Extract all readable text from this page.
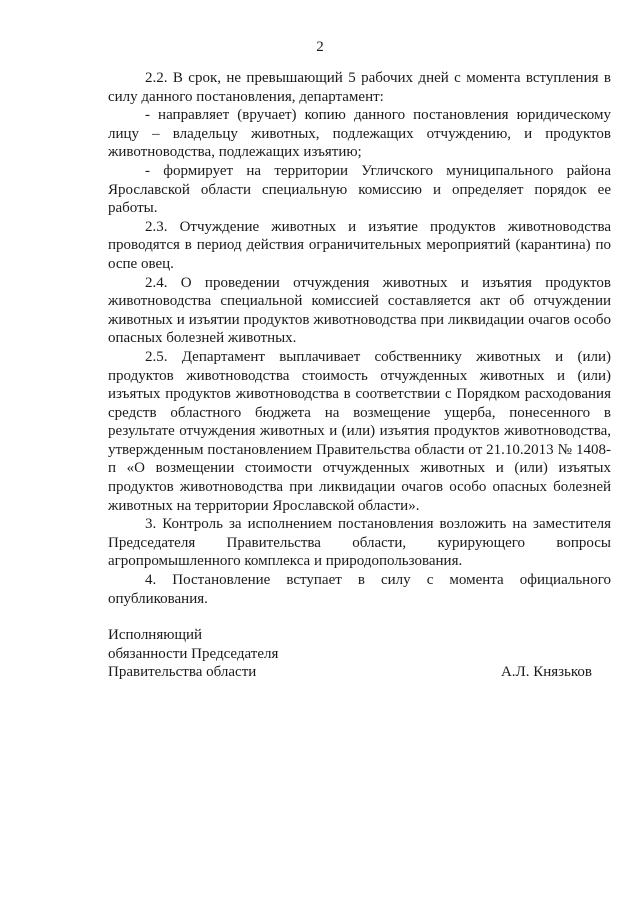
2

2.2. В срок, не превышающий 5 рабочих дней с момента вступления в силу данного постановления, департамент:

- направляет (вручает) копию данного постановления юридическому лицу – владельцу животных, подлежащих отчуждению, и продуктов животноводства, подлежащих изъятию;

- формирует на территории Угличского муниципального района Ярославской области специальную комиссию и определяет порядок ее работы.

2.3. Отчуждение животных и изъятие продуктов животноводства проводятся в период действия ограничительных мероприятий (карантина) по оспе овец.

2.4. О проведении отчуждения животных и изъятия продуктов животноводства специальной комиссией составляется акт об отчуждении животных и изъятии продуктов животноводства при ликвидации очагов особо опасных болезней животных.

2.5. Департамент выплачивает собственнику животных и (или) продуктов животноводства стоимость отчужденных животных и (или) изъятых продуктов животноводства в соответствии с Порядком расходования средств областного бюджета на возмещение ущерба, понесенного в результате отчуждения животных и (или) изъятия продуктов животноводства, утвержденным постановлением Правительства области от 21.10.2013 № 1408-п «О возмещении стоимости отчужденных животных и (или) изъятых продуктов животноводства при ликвидации очагов особо опасных болезней животных на территории Ярославской области».

3. Контроль за исполнением постановления возложить на заместителя Председателя Правительства области, курирующего вопросы агропромышленного комплекса и природопользования.

4. Постановление вступает в силу с момента официального опубликования.

Исполняющий
обязанности Председателя
Правительства области	А.Л. Князьков
